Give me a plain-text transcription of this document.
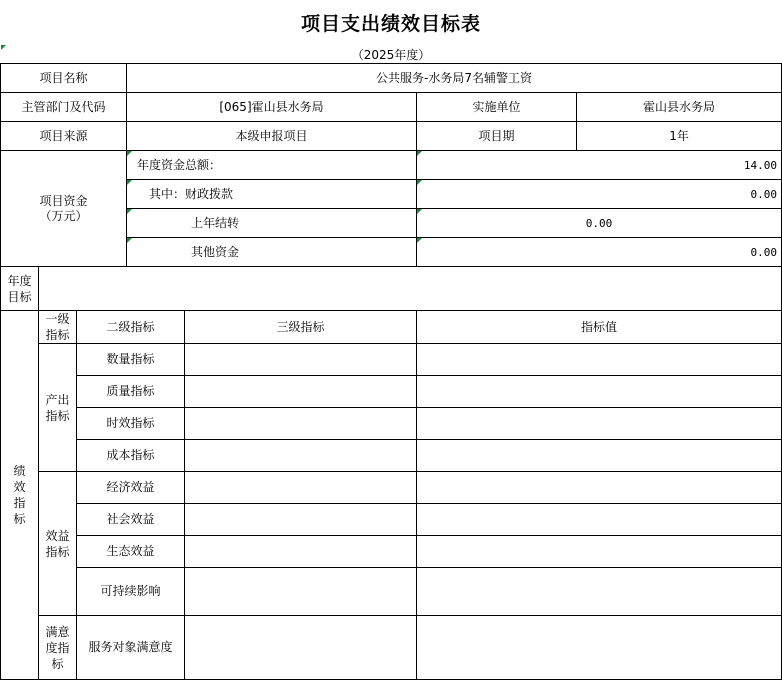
项目支出绩效目标表
（2025年度）
项目名称			公共服务-水务局7名辅警工资			
主管部门及代码			[065]霍山县水务局		实施单位	霍山县水务局
项目来源			本级申报项目		项目期	1年
项目资金
（万元）			年度资金总额：		14.00	
			其中：财政拨款		0.00	
			上年结转		0.00	
			其他资金		0.00	
年度目标						
绩效指标	一级指标	二级指标		三级指标	指标值	
	产出指标	数量指标				
		质量指标				
		时效指标				
		成本指标				
	效益指标	经济效益				
		社会效益				
		生态效益				
		可持续影响				
	满意度指标	服务对象满意度				
